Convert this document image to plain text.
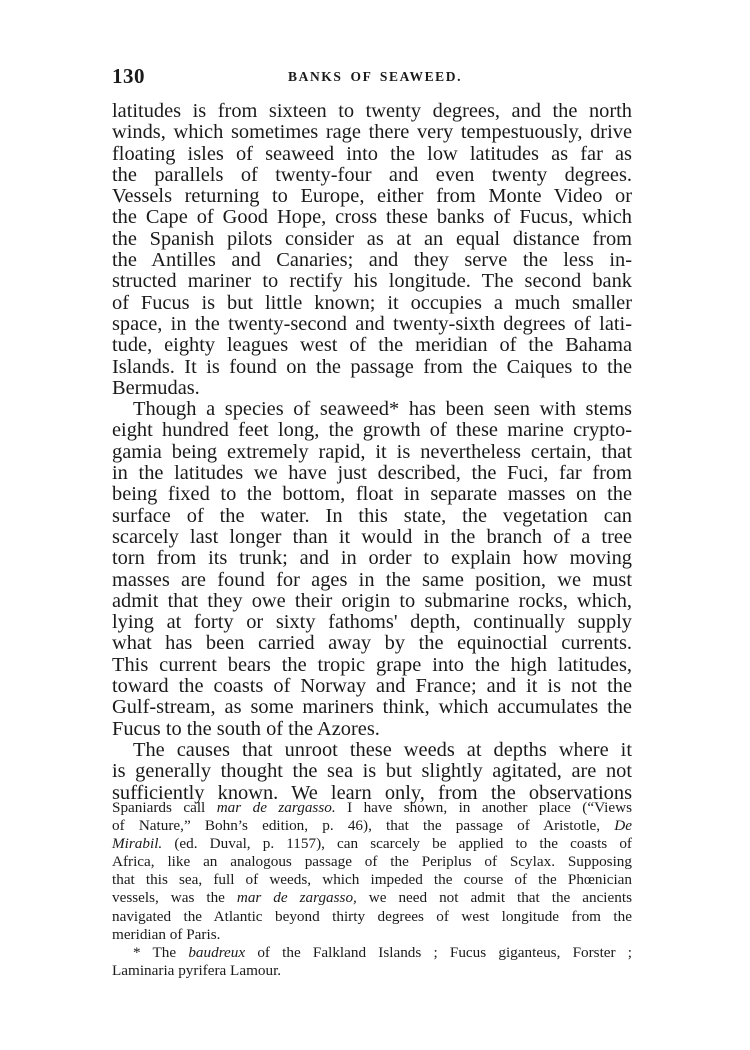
130	BANKS OF SEAWEED.
latitudes is from sixteen to twenty degrees, and the north
winds, which sometimes rage there very tempestuously, drive
floating isles of seaweed into the low latitudes as far as
the parallels of twenty-four and even twenty degrees.
Vessels returning to Europe, either from Monte Video or
the Cape of Good Hope, cross these banks of Fucus, which
the Spanish pilots consider as at an equal distance from
the Antilles and Canaries; and they serve the less in-
structed mariner to rectify his longitude. The second bank
of Fucus is but little known; it occupies a much smaller
space, in the twenty-second and twenty-sixth degrees of lati-
tude, eighty leagues west of the meridian of the Bahama
Islands. It is found on the passage from the Caiques to the
Bermudas.
Though a species of seaweed* has been seen with stems
eight hundred feet long, the growth of these marine crypto-
gamia being extremely rapid, it is nevertheless certain, that
in the latitudes we have just described, the Fuci, far from
being fixed to the bottom, float in separate masses on the
surface of the water. In this state, the vegetation can
scarcely last longer than it would in the branch of a tree
torn from its trunk; and in order to explain how moving
masses are found for ages in the same position, we must
admit that they owe their origin to submarine rocks, which,
lying at forty or sixty fathoms' depth, continually supply
what has been carried away by the equinoctial currents.
This current bears the tropic grape into the high latitudes,
toward the coasts of Norway and France; and it is not the
Gulf-stream, as some mariners think, which accumulates the
Fucus to the south of the Azores.
The causes that unroot these weeds at depths where it
is generally thought the sea is but slightly agitated, are not
sufficiently known. We learn only, from the observations
Spaniards call mar de zargasso. I have shown, in another place (“Views
of Nature,” Bohn’s edition, p. 46), that the passage of Aristotle, De
Mirabil. (ed. Duval, p. 1157), can scarcely be applied to the coasts of
Africa, like an analogous passage of the Periplus of Scylax. Supposing
that this sea, full of weeds, which impeded the course of the Phœnician
vessels, was the mar de zargasso, we need not admit that the ancients
navigated the Atlantic beyond thirty degrees of west longitude from the
meridian of Paris.
* The baudreux of the Falkland Islands ; Fucus giganteus, Forster ;
Laminaria pyrifera Lamour.
